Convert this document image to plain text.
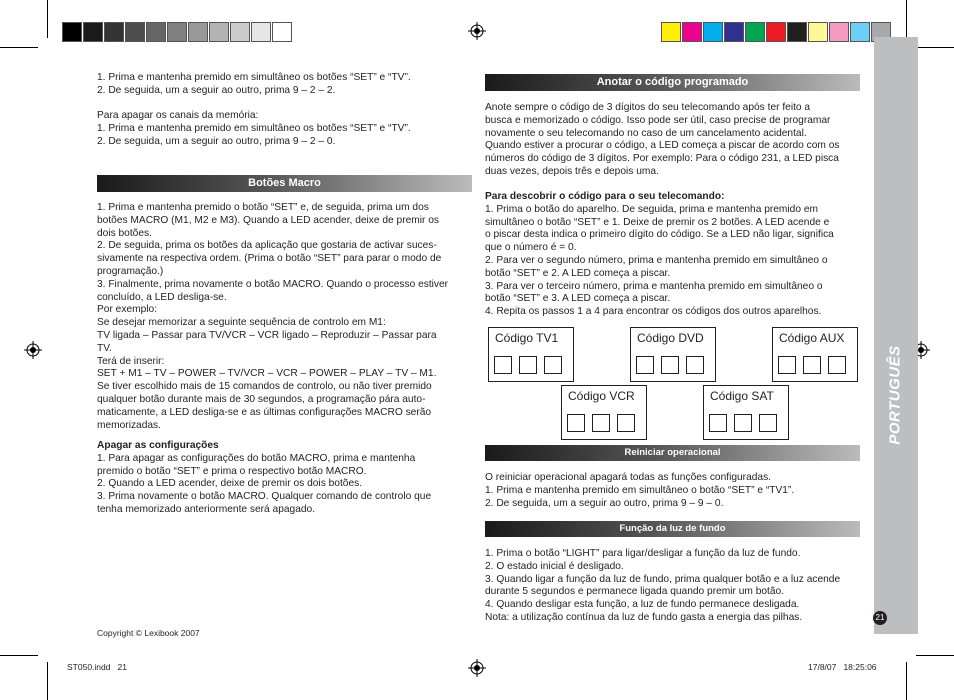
1. Prima e mantenha premido em simultâneo os botões “SET” e “TV”.
2. De seguida, um a seguir ao outro, prima 9 – 2 – 2.

Para apagar os canais da memória:
1. Prima e mantenha premido em simultâneo os botões “SET” e “TV”.
2. De seguida, um a seguir ao outro, prima 9 – 2 – 0.

Botões Macro

1. Prima e mantenha premido o botão “SET” e, de seguida, prima um dos
botões MACRO (M1, M2 e M3). Quando a LED acender, deixe de premir os
dois botões.
2. De seguida, prima os botões da aplicação que gostaria de activar suces-
sivamente na respectiva ordem. (Prima o botão “SET” para parar o modo de
programação.)
3. Finalmente, prima novamente o botão MACRO. Quando o processo estiver
concluído, a LED desliga-se.
Por exemplo:
Se desejar memorizar a seguinte sequência de controlo em M1:
TV ligada – Passar para TV/VCR – VCR ligado – Reproduzir – Passar para
TV.
Terá de inserir:
SET + M1 – TV – POWER – TV/VCR – VCR – POWER – PLAY – TV – M1.
Se tiver escolhido mais de 15 comandos de controlo, ou não tiver premido
qualquer botão durante mais de 30 segundos, a programação pára auto-
maticamente, a LED desliga-se e as últimas configurações MACRO serão
memorizadas.

Apagar as configurações

1. Para apagar as configurações do botão MACRO, prima e mantenha
premido o botão “SET” e prima o respectivo botão MACRO.
2. Quando a LED acender, deixe de premir os dois botões.
3. Prima novamente o botão MACRO. Qualquer comando de controlo que
tenha memorizado anteriormente será apagado.

Copyright © Lexibook 2007
Anotar o código programado

Anote sempre o código de 3 dígitos do seu telecomando após ter feito a
busca e memorizado o código. Isso pode ser útil, caso precise de programar
novamente o seu telecomando no caso de um cancelamento acidental.
Quando estiver a procurar o código, a LED começa a piscar de acordo com os
números do código de 3 dígitos. Por exemplo: Para o código 231, a LED pisca
duas vezes, depois três e depois uma.

Para descobrir o código para o seu telecomando:

1. Prima o botão do aparelho. De seguida, prima e mantenha premido em
simultâneo o botão “SET” e 1. Deixe de premir os 2 botões. A LED acende e
o piscar desta indica o primeiro dígito do código. Se a LED não ligar, significa
que o número é = 0.
2. Para ver o segundo número, prima e mantenha premido em simultâneo o
botão “SET” e 2. A LED começa a piscar.
3. Para ver o terceiro número, prima e mantenha premido em simultâneo o
botão “SET” e 3. A LED começa a piscar.
4. Repita os passos 1 a 4 para encontrar os códigos dos outros aparelhos.

Código TV1	Código DVD	Código AUX
Código VCR	Código SAT
Reiniciar operacional

O reiniciar operacional apagará todas as funções configuradas.
1. Prima e mantenha premido em simultâneo o botão “SET” e “TV1”.
2. De seguida, um a seguir ao outro, prima 9 – 9 – 0.

Função da luz de fundo

1. Prima o botão “LIGHT” para ligar/desligar a função da luz de fundo.
2. O estado inicial é desligado.
3. Quando ligar a função da luz de fundo, prima qualquer botão e a luz acende
durante 5 segundos e permanece ligada quando premir um botão.
4. Quando desligar esta função, a luz de fundo permanece desligada.
Nota: a utilização contínua da luz de fundo gasta a energia das pilhas.

PORTUGUÊS
21
ST050.indd   21	17/8/07   18:25:06
